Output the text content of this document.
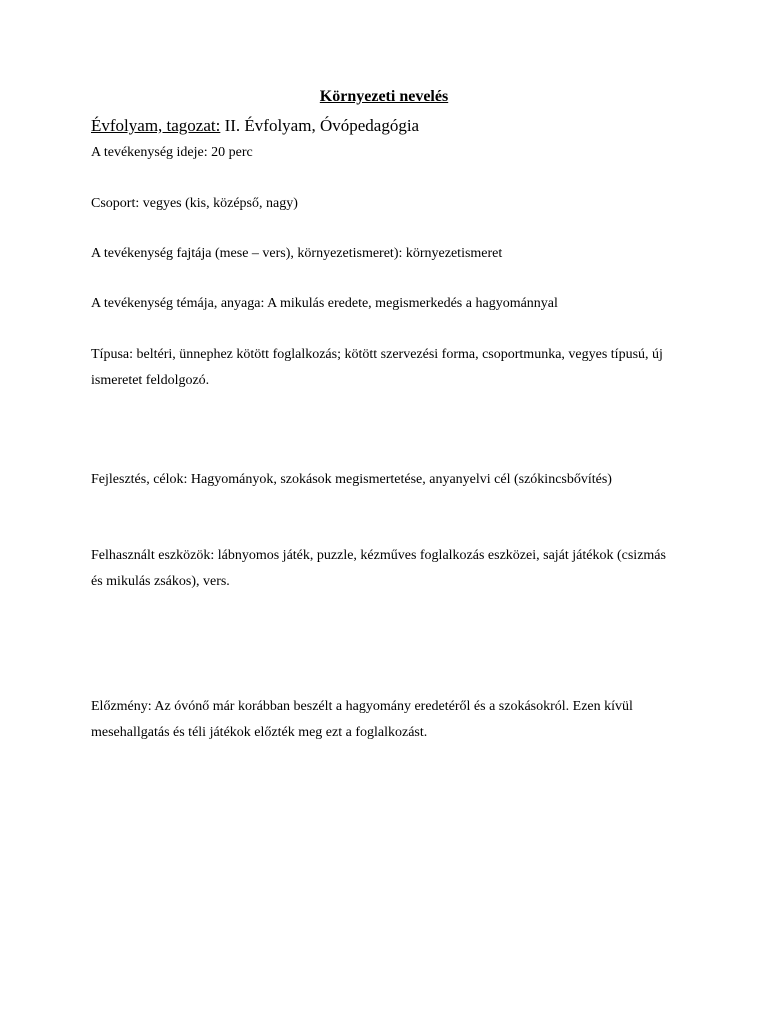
Környezeti nevelés
Évfolyam, tagozat: II. Évfolyam, Óvópedagógia
A tevékenység ideje: 20 perc
Csoport: vegyes (kis, középső, nagy)
A tevékenység fajtája (mese – vers), környezetismeret): környezetismeret
A tevékenység témája, anyaga: A mikulás eredete, megismerkedés a hagyománnyal
Típusa: beltéri, ünnephez kötött foglalkozás; kötött szervezési forma, csoportmunka, vegyes típusú, új ismeretet feldolgozó.
Fejlesztés, célok: Hagyományok, szokások megismertetése, anyanyelvi cél (szókincsbővítés)
Felhasznált eszközök: lábnyomos játék, puzzle, kézműves foglalkozás eszközei, saját játékok (csizmás és mikulás zsákos), vers.
Előzmény: Az óvónő már korábban beszélt a hagyomány eredetéről és a szokásokról. Ezen kívül mesehallgatás és téli játékok előzték meg ezt a foglalkozást.
